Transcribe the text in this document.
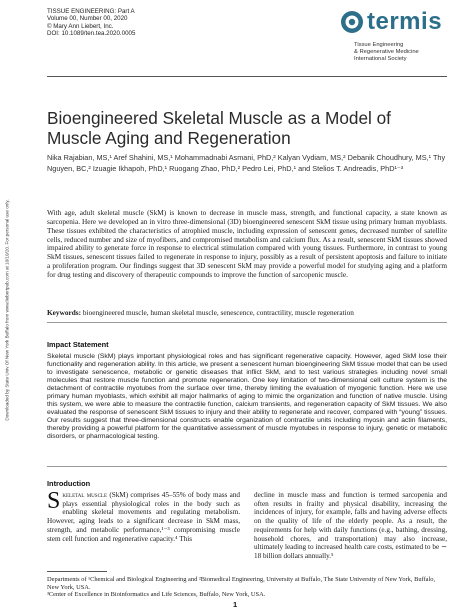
Downloaded by State Univ Of New York Buffalo from www.liebertpub.com at 10/10/20. For personal use only.
TISSUE ENGINEERING: Part A
Volume 00, Number 00, 2020
© Mary Ann Liebert, Inc.
DOI: 10.1089/ten.tea.2020.0005	termis
Tissue Engineering
& Regenerative Medicine
International Society
Bioengineered Skeletal Muscle as a Model of Muscle Aging and Regeneration
Nika Rajabian, MS,¹ Aref Shahini, MS,¹ Mohammadnabi Asmani, PhD,² Kalyan Vydiam, MS,² Debanik Choudhury, MS,¹ Thy Nguyen, BC,² Izuagie Ikhapoh, PhD,¹ Ruogang Zhao, PhD,² Pedro Lei, PhD,¹ and Stelios T. Andreadis, PhD¹⁻³
With age, adult skeletal muscle (SkM) is known to decrease in muscle mass, strength, and functional capacity, a state known as sarcopenia. Here we developed an in vitro three-dimensional (3D) bioengineered senescent SkM tissue using primary human myoblasts. These tissues exhibited the characteristics of atrophied muscle, including expression of senescent genes, decreased number of satellite cells, reduced number and size of myofibers, and compromised metabolism and calcium flux. As a result, senescent SkM tissues showed impaired ability to generate force in response to electrical stimulation compared with young tissues. Furthermore, in contrast to young SkM tissues, senescent tissues failed to regenerate in response to injury, possibly as a result of persistent apoptosis and failure to initiate a proliferation program. Our findings suggest that 3D senescent SkM may provide a powerful model for studying aging and a platform for drug testing and discovery of therapeutic compounds to improve the function of sarcopenic muscle.
Keywords: bioengineered muscle, human skeletal muscle, senescence, contractility, muscle regeneration
Impact Statement
Skeletal muscle (SkM) plays important physiological roles and has significant regenerative capacity. However, aged SkM lose their functionality and regeneration ability. In this article, we present a senescent human bioengineering SkM tissue model that can be used to investigate senescence, metabolic or genetic diseases that inflict SkM, and to test various strategies including novel small molecules that restore muscle function and promote regeneration. One key limitation of two-dimensional cell culture system is the detachment of contractile myotubes from the surface over time, thereby limiting the evaluation of myogenic function. Here we use primary human myoblasts, which exhibit all major hallmarks of aging to mimic the organization and function of native muscle. Using this system, we were able to measure the contractile function, calcium transients, and regeneration capacity of SkM tissues. We also evaluated the response of senescent SkM tissues to injury and their ability to regenerate and recover, compared with “young” tissues. Our results suggest that three-dimensional constructs enable organization of contractile units including myosin and actin filaments, thereby providing a powerful platform for the quantitative assessment of muscle myotubes in response to injury, genetic or metabolic disorders, or pharmacological testing.
Introduction
Skeletal muscle (SkM) comprises 45–55% of body mass and plays essential physiological roles in the body such as enabling skeletal movements and regulating metabolism. However, aging leads to a significant decrease in SkM mass, strength, and metabolic performance,¹⁻³ compromising muscle stem cell function and regenerative capacity.⁴ This
decline in muscle mass and function is termed sarcopenia and often results in frailty and physical disability, increasing the incidences of injury, for example, falls and having adverse effects on the quality of life of the elderly people. As a result, the requirements for help with daily functions (e.g., bathing, dressing, household chores, and transportation) may also increase, ultimately leading to increased health care costs, estimated to be ∼ 18 billion dollars annually.⁵
Departments of ¹Chemical and Biological Engineering and ²Biomedical Engineering, University at Buffalo, The State University of New York, Buffalo, New York, USA.
³Center of Excellence in Bioinformatics and Life Sciences, Buffalo, New York, USA.
1
